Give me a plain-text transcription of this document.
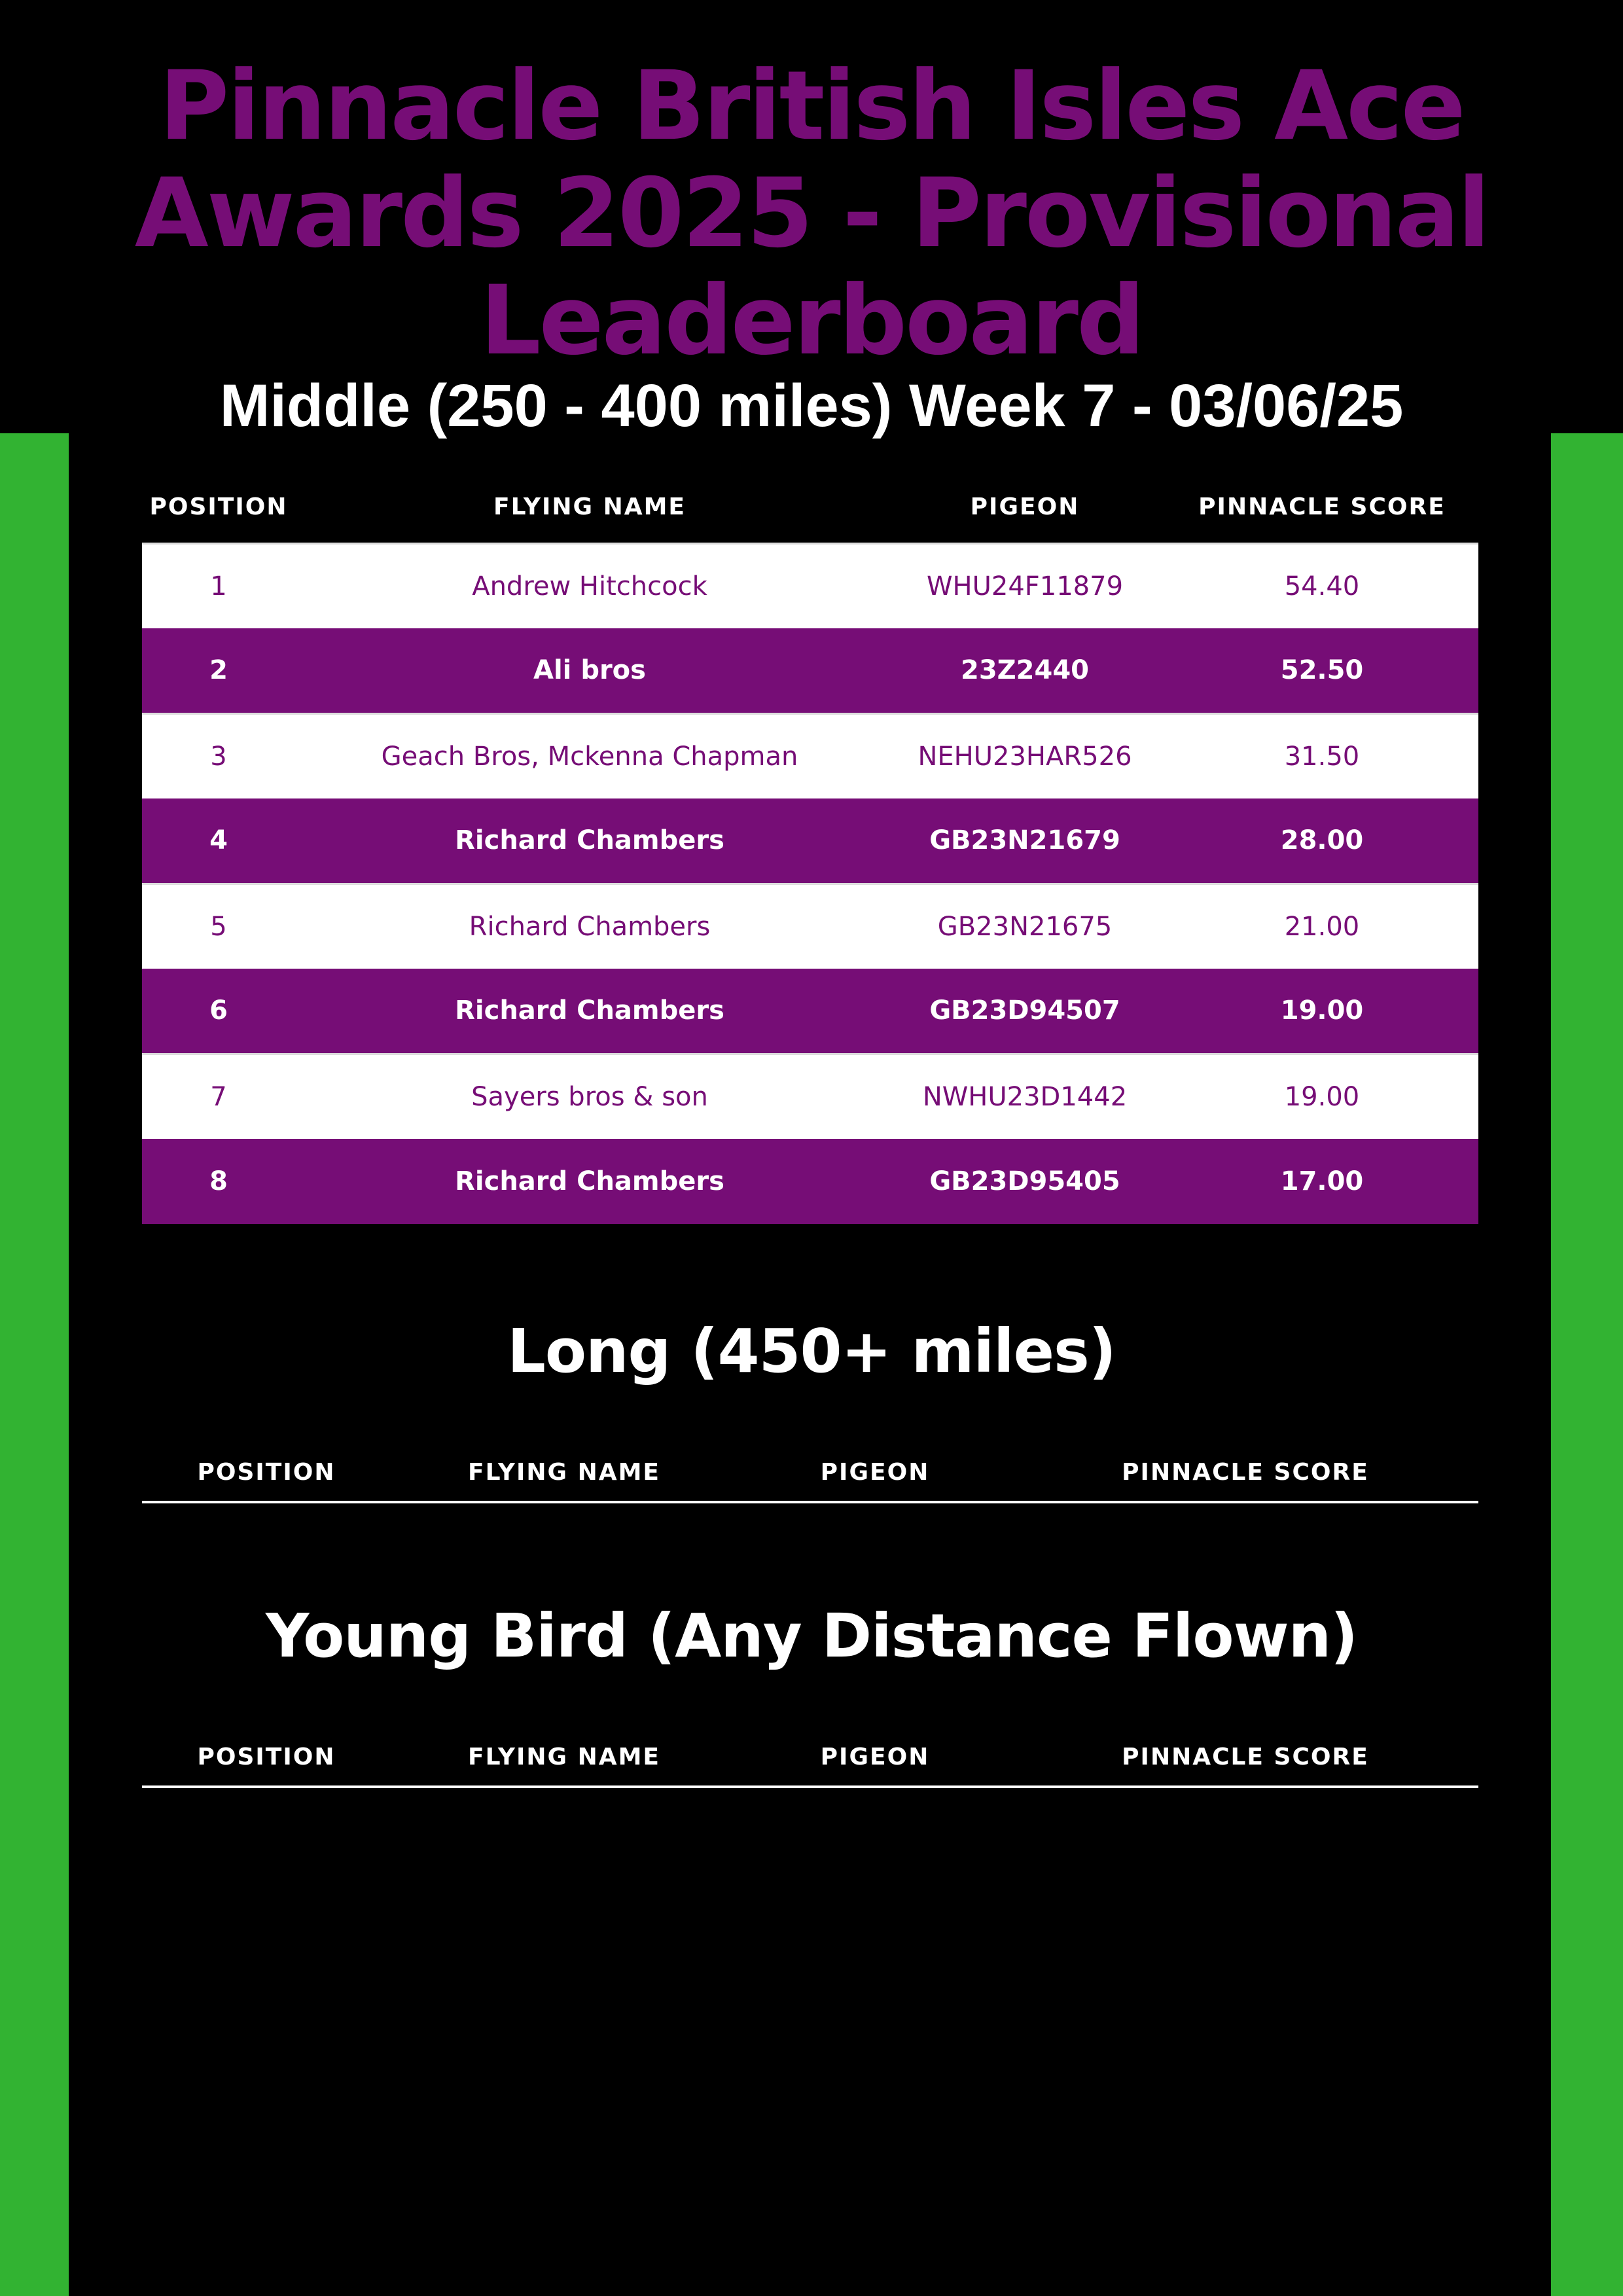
Pinnacle British Isles Ace Awards 2025 - Provisional Leaderboard
Middle (250 - 400 miles) Week 7 - 03/06/25
POSITION	FLYING NAME	PIGEON	PINNACLE SCORE
1	Andrew Hitchcock	WHU24F11879	54.40
2	Ali bros	23Z2440	52.50
3	Geach Bros, Mckenna Chapman	NEHU23HAR526	31.50
4	Richard Chambers	GB23N21679	28.00
5	Richard Chambers	GB23N21675	21.00
6	Richard Chambers	GB23D94507	19.00
7	Sayers bros & son	NWHU23D1442	19.00
8	Richard Chambers	GB23D95405	17.00
Long (450+ miles)
POSITION	FLYING NAME	PIGEON	PINNACLE SCORE
Young Bird (Any Distance Flown)
POSITION	FLYING NAME	PIGEON	PINNACLE SCORE
